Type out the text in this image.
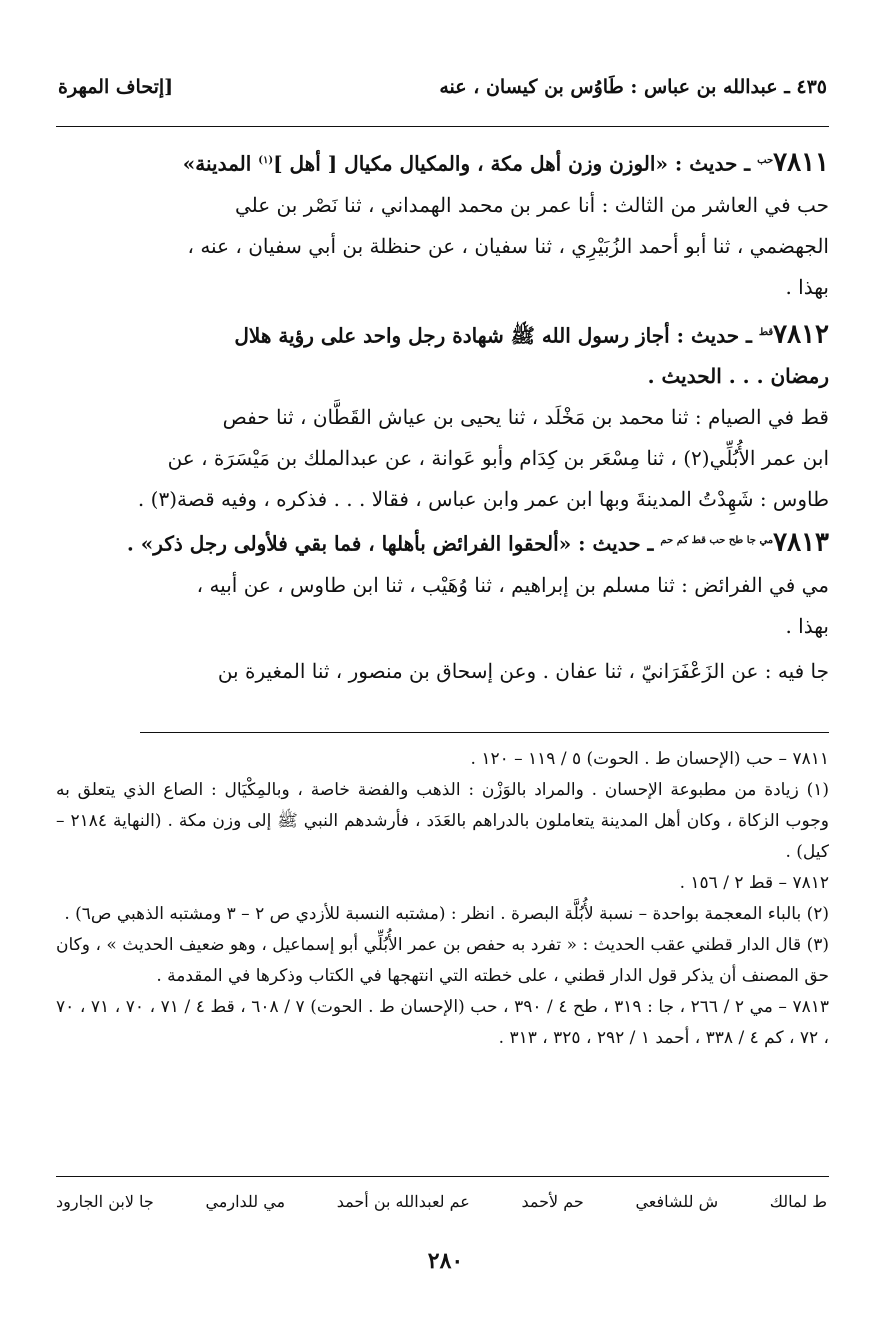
٤٣٥ ـ عبدالله بن عباس : طَاوُس بن كيسان ، عنه
[إتحاف المهرة

$٧٨١١^{حب}$ ـ حديث : «الوزن وزن أهل مكة ، والمكيال مكيال [ أهل ]$^{(١)}$ المدينة»

حب في العاشر من الثالث : أنا عمر بن محمد الهمداني ، ثنا نَصْر بن علي

الجهضمي ، ثنا أبو أحمد الزُبَيْرِي ، ثنا سفيان ، عن حنظلة بن أبي سفيان ، عنه ،

بهذا .

$٧٨١٢^{قط}$ ـ حديث : أجاز رسول الله ﷺ شهادة رجل واحد على رؤية هلال

رمضان . . . الحديث .

قط في الصيام : ثنا محمد بن مَخْلَد ، ثنا يحيى بن عياش القَطَّان ، ثنا حفص

ابن عمر الأُبُلِّي(٢) ، ثنا مِسْعَر بن كِدَام وأبو عَوانة ، عن عبدالملك بن مَيْسَرَة ، عن

طاوس : شَهِدْتُ المدينةَ وبها ابن عمر وابن عباس ، فقالا . . . فذكره ، وفيه قصة(٣) .

$٧٨١٣^{مي جا طح حب قط كم حم}$ ـ حديث : «ألحقوا الفرائض بأهلها ، فما بقي فلأولى رجل ذكر» .

مي في الفرائض : ثنا مسلم بن إبراهيم ، ثنا وُهَيْب ، ثنا ابن طاوس ، عن أبيه ،

بهذا .

جا فيه : عن الزَعْفَرَانيّ ، ثنا عفان . وعن إسحاق بن منصور ، ثنا المغيرة بن

٧٨١١ – حب (الإحسان ط . الحوت) ٥ / ١١٩ – ١٢٠ .

(١) زيادة من مطبوعة الإحسان . والمراد بالوَزْن : الذهب والفضة خاصة ، وبالمِكْيَال : الصاع الذي يتعلق به وجوب الزكاة ، وكان أهل المدينة يتعاملون بالدراهم بالعَدَد ، فأرشدهم النبي ﷺ إلى وزن مكة . (النهاية ٢١٨٤ – كيل) .

٧٨١٢ – قط ٢ / ١٥٦ .

(٢) بالباء المعجمة بواحدة – نسبة لأُبُلَّة البصرة . انظر : (مشتبه النسبة للأزدي ص ٢ – ٣ ومشتبه الذهبي ص٦) .

(٣) قال الدار قطني عقب الحديث : « تفرد به حفص بن عمر الأُبُلِّي أبو إسماعيل ، وهو ضعيف الحديث » ، وكان حق المصنف أن يذكر قول الدار قطني ، على خطته التي انتهجها في الكتاب وذكرها في المقدمة .

٧٨١٣ – مي ٢ / ٢٦٦ ، جا : ٣١٩ ، طح ٤ / ٣٩٠ ، حب (الإحسان ط . الحوت) ٧ / ٦٠٨ ، قط ٤ / ٧١ ، ٧٠ ، ٧١ ، ٧٠ ، ٧٢ ، كم ٤ / ٣٣٨ ، أحمد ١ / ٢٩٢ ، ٣٢٥ ، ٣١٣ .

ط لمالك
ش للشافعي
حم لأحمد
عم لعبدالله بن أحمد
مي للدارمي
جا لابن الجارود
٢٨٠
